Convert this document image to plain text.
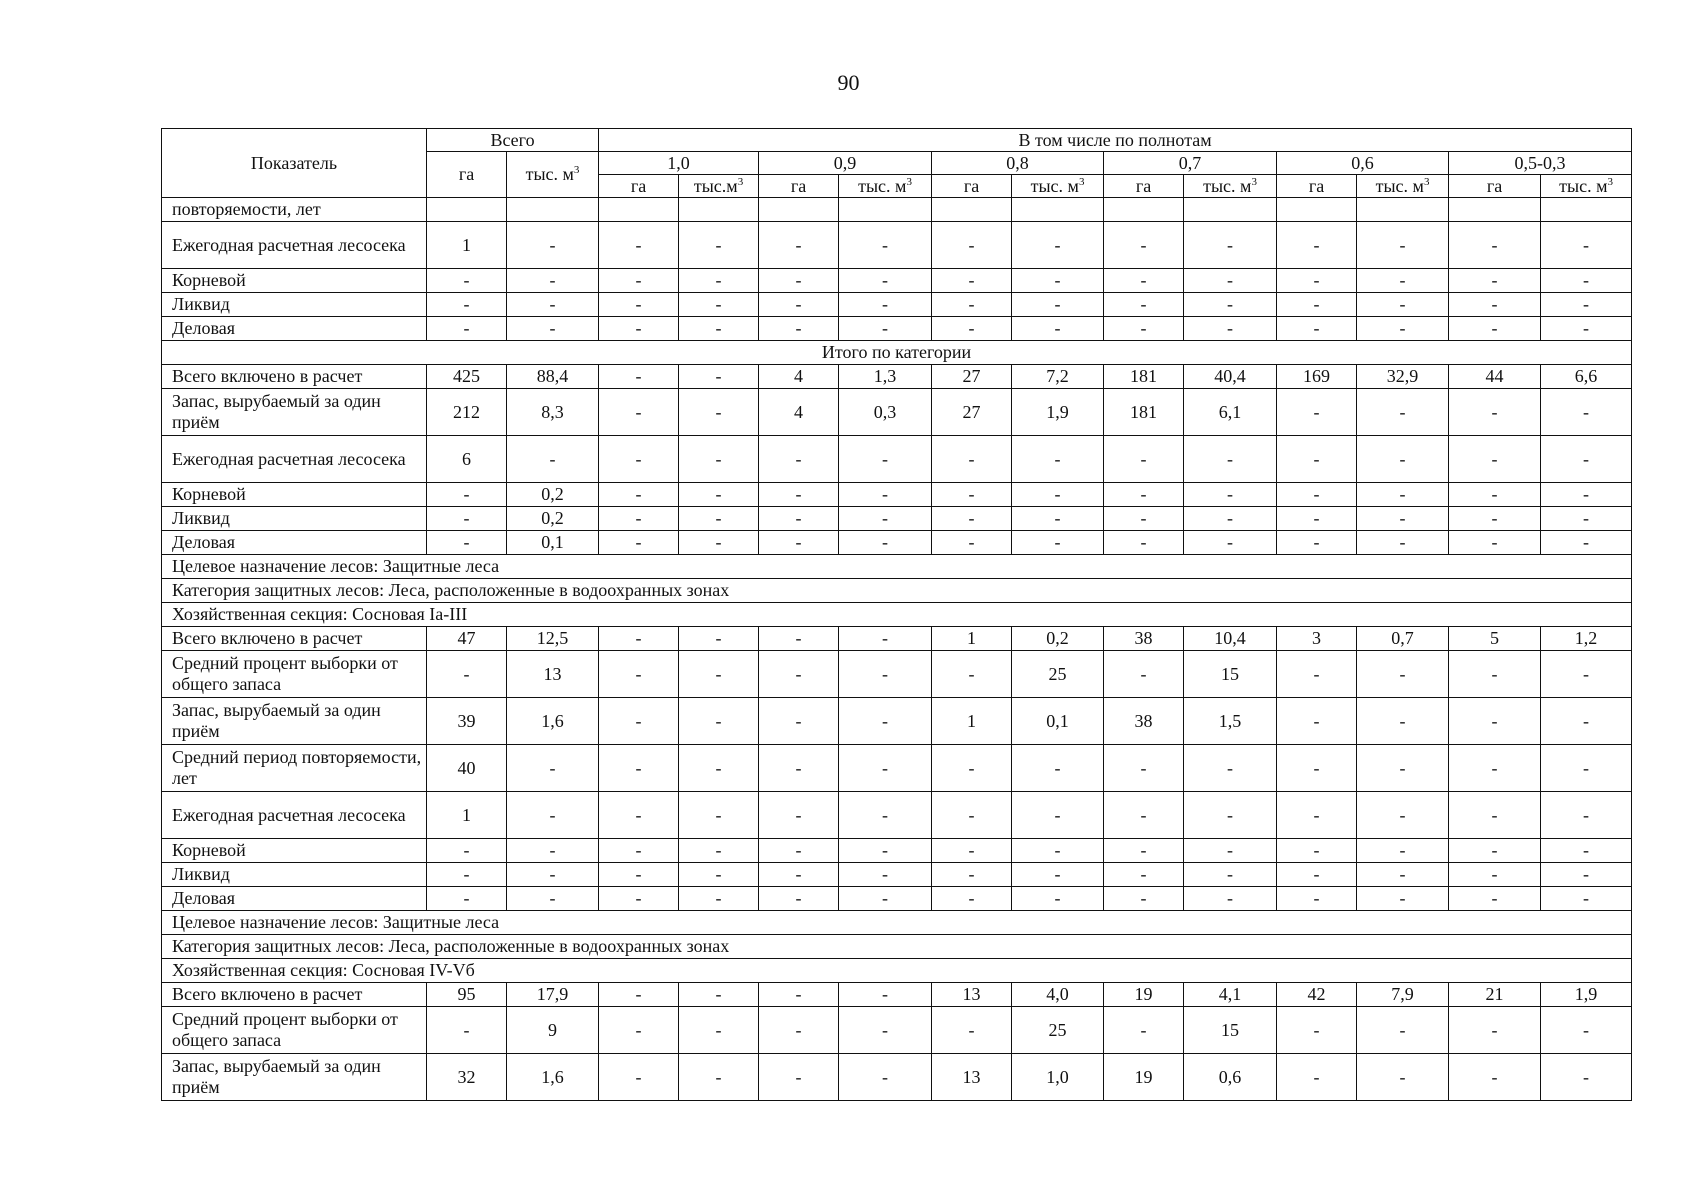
90
Показатель	Всего		В том числе по полнотам											
	га	тыс. $м^3$	1,0		0,9		0,8		0,7		0,6		0,5-0,3	
			га	$тыс.м^3$	га	тыс. $м^3$	га	тыс. $м^3$	га	тыс. $м^3$	га	тыс. $м^3$	га	тыс. $м^3$
повторяемости, лет														
Ежегодная расчетная лесосека	1	-	-	-	-	-	-	-	-	-	-	-	-	-
Корневой	-	-	-	-	-	-	-	-	-	-	-	-	-	-
Ликвид	-	-	-	-	-	-	-	-	-	-	-	-	-	-
Деловая	-	-	-	-	-	-	-	-	-	-	-	-	-	-
Итого по категории														
Всего включено в расчет	425	88,4	-	-	4	1,3	27	7,2	181	40,4	169	32,9	44	6,6
Запас, вырубаемый за один приём	212	8,3	-	-	4	0,3	27	1,9	181	6,1	-	-	-	-
Ежегодная расчетная лесосека	6	-	-	-	-	-	-	-	-	-	-	-	-	-
Корневой	-	0,2	-	-	-	-	-	-	-	-	-	-	-	-
Ликвид	-	0,2	-	-	-	-	-	-	-	-	-	-	-	-
Деловая	-	0,1	-	-	-	-	-	-	-	-	-	-	-	-
Целевое назначение лесов: Защитные леса														
Категория защитных лесов: Леса, расположенные в водоохранных зонах														
Хозяйственная секция: Сосновая Ia-III														
Всего включено в расчет	47	12,5	-	-	-	-	1	0,2	38	10,4	3	0,7	5	1,2
Средний процент выборки от общего запаса	-	13	-	-	-	-	-	25	-	15	-	-	-	-
Запас, вырубаемый за один приём	39	1,6	-	-	-	-	1	0,1	38	1,5	-	-	-	-
Средний период повторяемости, лет	40	-	-	-	-	-	-	-	-	-	-	-	-	-
Ежегодная расчетная лесосека	1	-	-	-	-	-	-	-	-	-	-	-	-	-
Корневой	-	-	-	-	-	-	-	-	-	-	-	-	-	-
Ликвид	-	-	-	-	-	-	-	-	-	-	-	-	-	-
Деловая	-	-	-	-	-	-	-	-	-	-	-	-	-	-
Целевое назначение лесов: Защитные леса														
Категория защитных лесов: Леса, расположенные в водоохранных зонах														
Хозяйственная секция: Сосновая IV-Vб														
Всего включено в расчет	95	17,9	-	-	-	-	13	4,0	19	4,1	42	7,9	21	1,9
Средний процент выборки от общего запаса	-	9	-	-	-	-	-	25	-	15	-	-	-	-
Запас, вырубаемый за один приём	32	1,6	-	-	-	-	13	1,0	19	0,6	-	-	-	-
